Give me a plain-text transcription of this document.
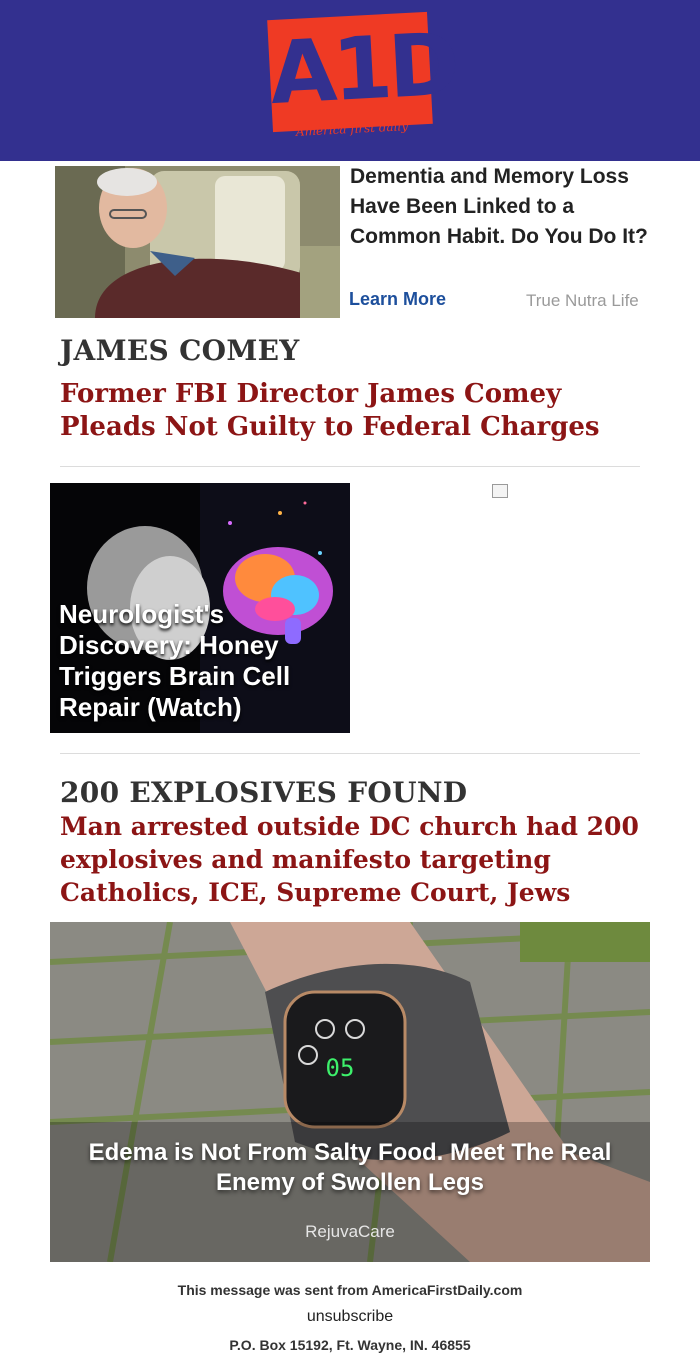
A1D
America first daily
Dementia and Memory Loss Have Been Linked to a Common Habit. Do You Do It?
Learn More	True Nutra Life
JAMES COMEY
Former FBI Director James Comey Pleads Not Guilty to Federal Charges
Neurologist's Discovery: Honey Triggers Brain Cell Repair (Watch)
200 EXPLOSIVES FOUND
Man arrested outside DC church had 200 explosives and manifesto targeting Catholics, ICE, Supreme Court, Jews
05
Edema is Not From Salty Food. Meet The Real Enemy of Swollen Legs
RejuvaCare
This message was sent from AmericaFirstDaily.com
unsubscribe
P.O. Box 15192, Ft. Wayne, IN. 46855
